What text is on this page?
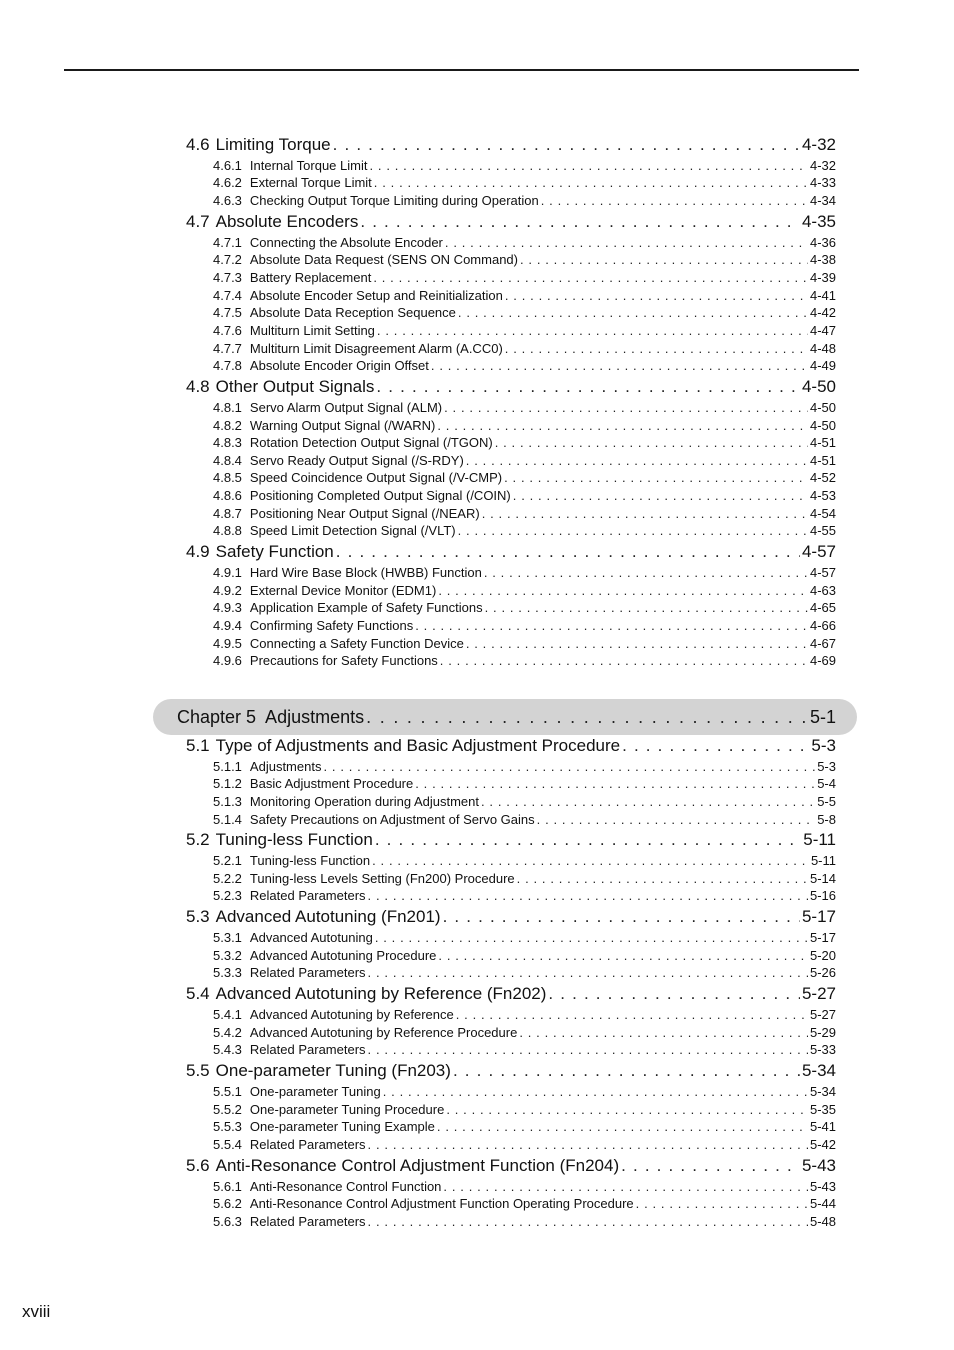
4.6 Limiting Torque . . .	4-32
4.6.1 Internal Torque Limit . . .	4-32
4.6.2 External Torque Limit . . .	4-33
4.6.3 Checking Output Torque Limiting during Operation . . .	4-34
4.7 Absolute Encoders . . .	4-35
4.7.1 Connecting the Absolute Encoder . . .	4-36
4.7.2 Absolute Data Request (SENS ON Command) . . .	4-38
4.7.3 Battery Replacement . . .	4-39
4.7.4 Absolute Encoder Setup and Reinitialization . . .	4-41
4.7.5 Absolute Data Reception Sequence . . .	4-42
4.7.6 Multiturn Limit Setting . . .	4-47
4.7.7 Multiturn Limit Disagreement Alarm (A.CC0) . . .	4-48
4.7.8 Absolute Encoder Origin Offset . . .	4-49
4.8 Other Output Signals . . .	4-50
4.8.1 Servo Alarm Output Signal (ALM) . . .	4-50
4.8.2 Warning Output Signal (/WARN) . . .	4-50
4.8.3 Rotation Detection Output Signal (/TGON) . . .	4-51
4.8.4 Servo Ready Output Signal (/S-RDY) . . .	4-51
4.8.5 Speed Coincidence Output Signal (/V-CMP) . . .	4-52
4.8.6 Positioning Completed Output Signal (/COIN) . . .	4-53
4.8.7 Positioning Near Output Signal (/NEAR) . . .	4-54
4.8.8 Speed Limit Detection Signal (/VLT) . . .	4-55
4.9 Safety Function . . .	4-57
4.9.1 Hard Wire Base Block (HWBB) Function . . .	4-57
4.9.2 External Device Monitor (EDM1) . . .	4-63
4.9.3 Application Example of Safety Functions . . .	4-65
4.9.4 Confirming Safety Functions . . .	4-66
4.9.5 Connecting a Safety Function Device . . .	4-67
4.9.6 Precautions for Safety Functions . . .	4-69
Chapter 5  Adjustments . . .	5-1
5.1 Type of Adjustments and Basic Adjustment Procedure . . .	5-3
5.1.1 Adjustments . . .	5-3
5.1.2 Basic Adjustment Procedure . . .	5-4
5.1.3 Monitoring Operation during Adjustment . . .	5-5
5.1.4 Safety Precautions on Adjustment of Servo Gains . . .	5-8
5.2 Tuning-less Function . . .	5-11
5.2.1 Tuning-less Function . . .	5-11
5.2.2 Tuning-less Levels Setting (Fn200) Procedure . . .	5-14
5.2.3 Related Parameters . . .	5-16
5.3 Advanced Autotuning (Fn201) . . .	5-17
5.3.1 Advanced Autotuning . . .	5-17
5.3.2 Advanced Autotuning Procedure . . .	5-20
5.3.3 Related Parameters . . .	5-26
5.4 Advanced Autotuning by Reference (Fn202) . . .	5-27
5.4.1 Advanced Autotuning by Reference . . .	5-27
5.4.2 Advanced Autotuning by Reference Procedure . . .	5-29
5.4.3 Related Parameters . . .	5-33
5.5 One-parameter Tuning (Fn203) . . .	5-34
5.5.1 One-parameter Tuning . . .	5-34
5.5.2 One-parameter Tuning Procedure . . .	5-35
5.5.3 One-parameter Tuning Example . . .	5-41
5.5.4 Related Parameters . . .	5-42
5.6 Anti-Resonance Control Adjustment Function (Fn204) . . .	5-43
5.6.1 Anti-Resonance Control Function . . .	5-43
5.6.2 Anti-Resonance Control Adjustment Function Operating Procedure . . .	5-44
5.6.3 Related Parameters . . .	5-48
xviii
